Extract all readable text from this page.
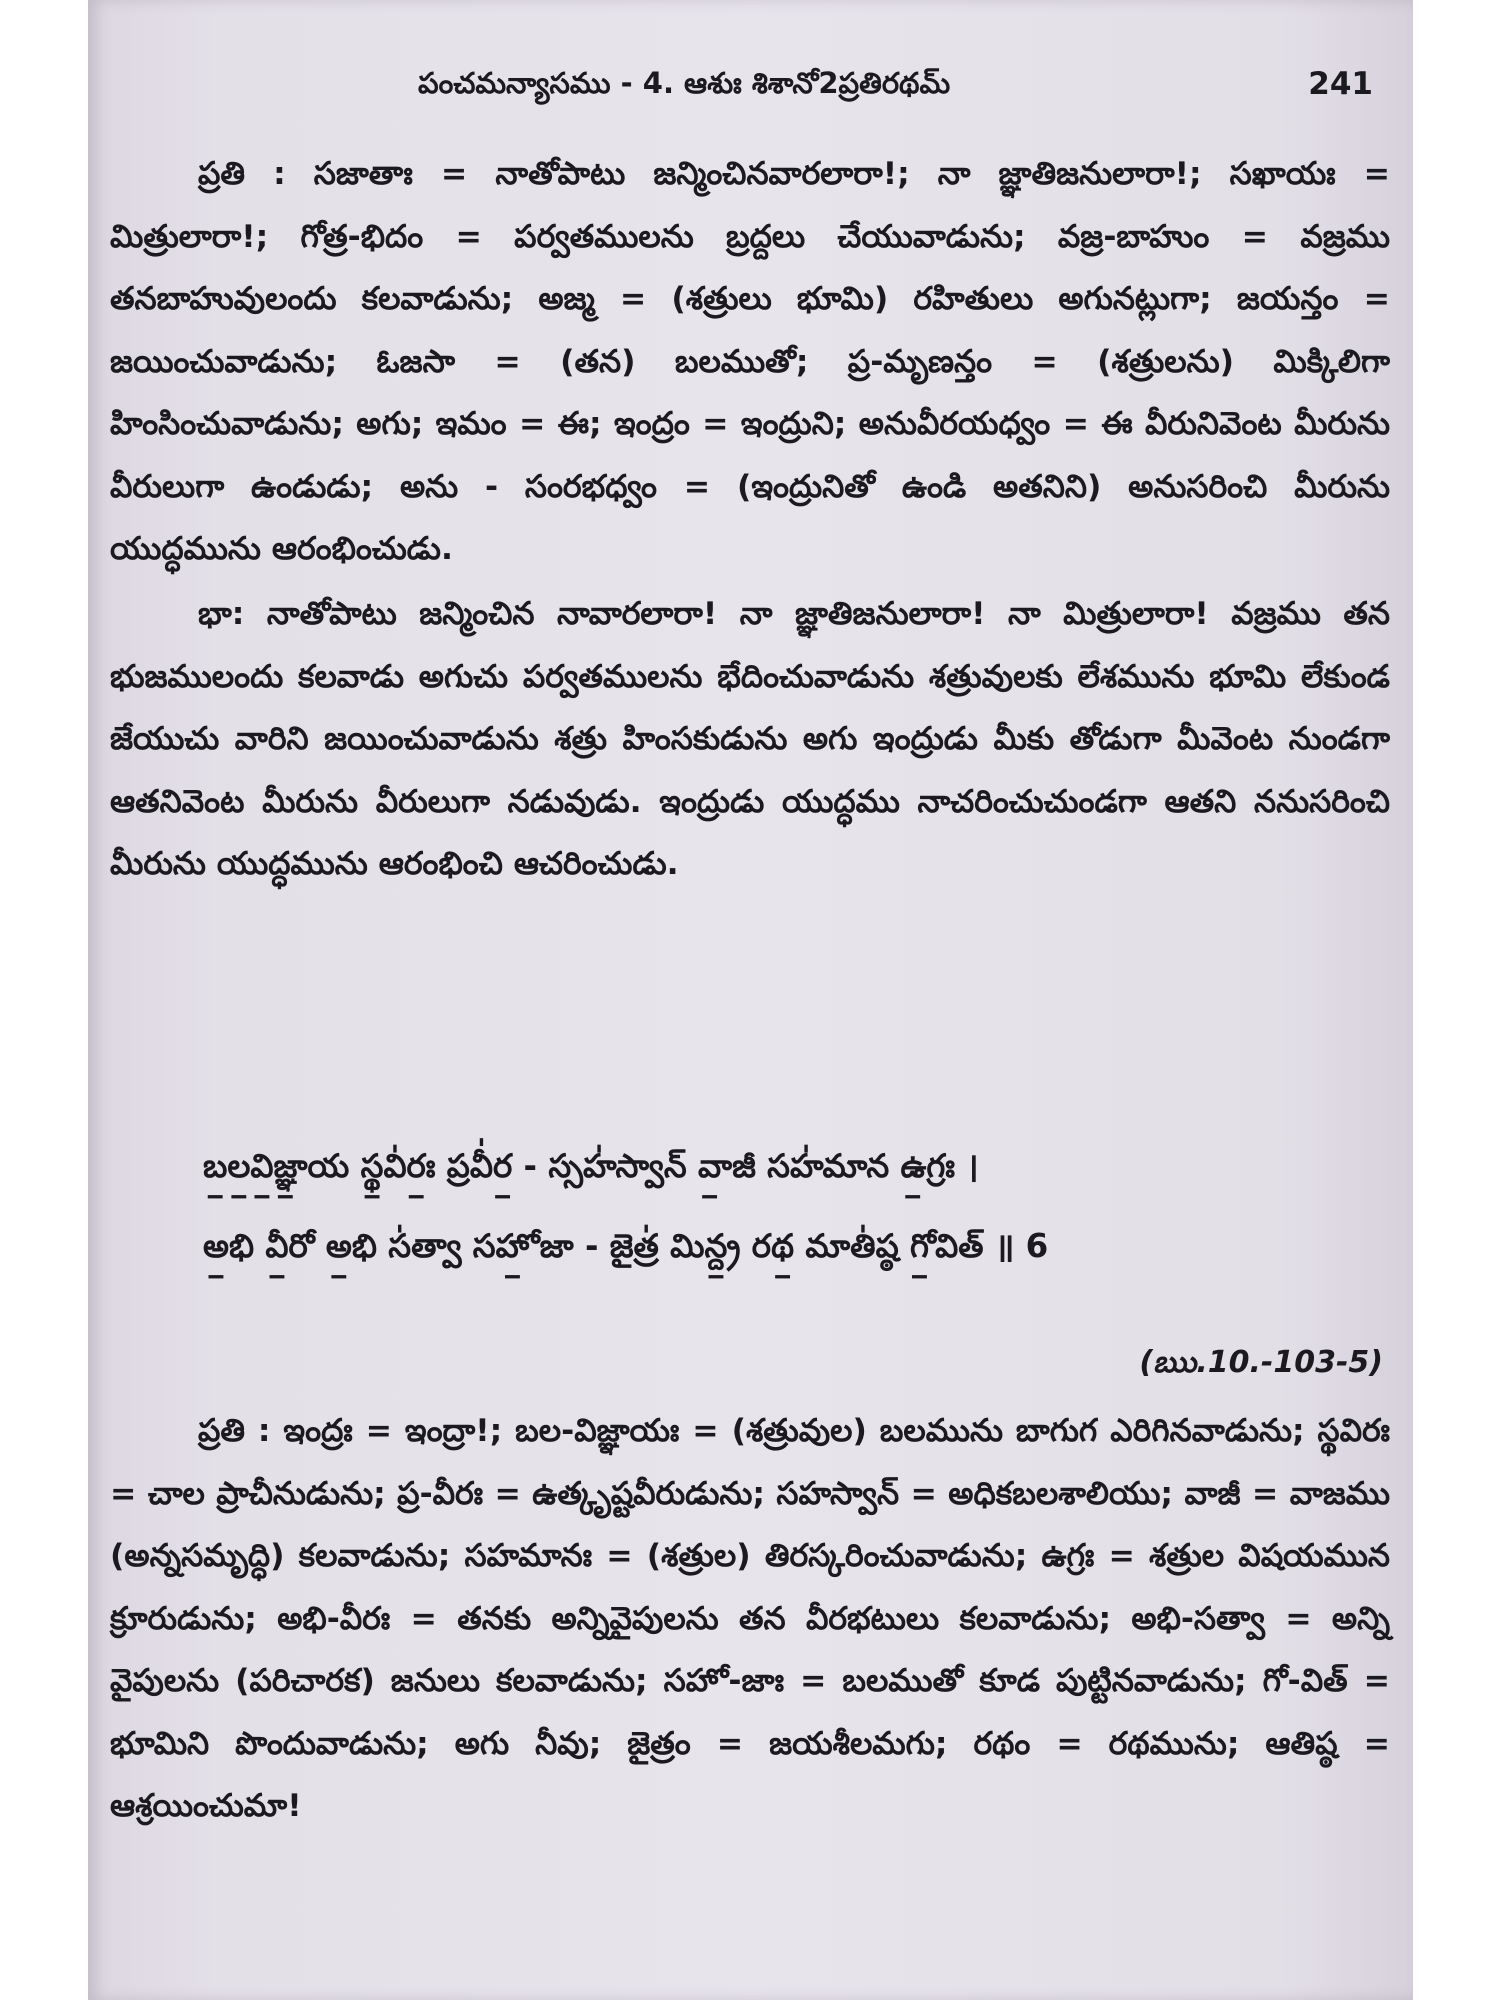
పంచమన్యాసము - 4. ఆశుః శిశానో2ప్రతిరథమ్	241

ప్రతి : సజాతాః = నాతోపాటు జన్మించినవారలారా!; నా జ్ఞాతిజనులారా!; సఖాయః = మిత్రులారా!; గోత్ర-భిదం = పర్వతములను బ్రద్దలు చేయువాడును; వజ్ర-బాహుం = వజ్రము తనబాహువులందు కలవాడును; అజ్మ = (శత్రులు భూమి) రహితులు అగునట్లుగా; జయన్తం = జయించువాడును; ఓజసా = (తన) బలముతో; ప్ర-మృణన్తం = (శత్రులను) మిక్కిలిగా హింసించువాడును; అగు; ఇమం = ఈ; ఇంద్రం = ఇంద్రుని; అనువీరయధ్వం = ఈ వీరునివెంట మీరును వీరులుగా ఉండుడు; అను - సంరభధ్వం = (ఇంద్రునితో ఉండి అతనిని) అనుసరించి మీరును యుద్ధమును ఆరంభించుడు.

భా: నాతోపాటు జన్మించిన నావారలారా! నా జ్ఞాతిజనులారా! నా మిత్రులారా! వజ్రము తన భుజములందు కలవాడు అగుచు పర్వతములను భేదించువాడును శత్రువులకు లేశమును భూమి లేకుండ జేయుచు వారిని జయించువాడును శత్రు హింసకుడును అగు ఇంద్రుడు మీకు తోడుగా మీవెంట నుండగా ఆతనివెంట మీరును వీరులుగా నడువుడు. ఇంద్రుడు యుద్ధము నాచరించుచుండగా ఆతని ననుసరించి మీరును యుద్ధమును ఆరంభించి ఆచరించుడు.

బ॒ల॒వి॒జ్ఞా॒య స్థ॒వి॑రః॒ ప్రవీ॑ర॒ - స్సహ॑స్వాన్ వా॒జీ సహ॑మాన ఉ॒గ్రః ।

అ॒భి వీ॒రో అ॒భి స॑త్వా సహో॒జా - జైత్ర॑ మిన్ద్ర॒ రథ॒ మాతి॑ష్ఠ గో॒విత్ ॥ 6

(ఋ.10.-103-5)

ప్రతి : ఇంద్రః = ఇంద్రా!; బల-విజ్ఞాయః = (శత్రువుల) బలమును బాగుగ ఎరిగినవాడును; స్థవిరః = చాల ప్రాచీనుడును; ప్ర-వీరః = ఉత్కృష్టవీరుడును; సహస్వాన్ = అధికబలశాలియు; వాజీ = వాజము (అన్నసమృద్ధి) కలవాడును; సహమానః = (శత్రుల) తిరస్కరించువాడును; ఉగ్రః = శత్రుల విషయమున క్రూరుడును; అభి-వీరః = తనకు అన్నివైపులను తన వీరభటులు కలవాడును; అభి-సత్వా = అన్ని వైపులను (పరిచారక) జనులు కలవాడును; సహో-జాః = బలముతో కూడ పుట్టినవాడును; గో-విత్ = భూమిని పొందువాడును; అగు నీవు; జైత్రం = జయశీలమగు; రథం = రథమును; ఆతిష్ఠ = ఆశ్రయించుమా!
